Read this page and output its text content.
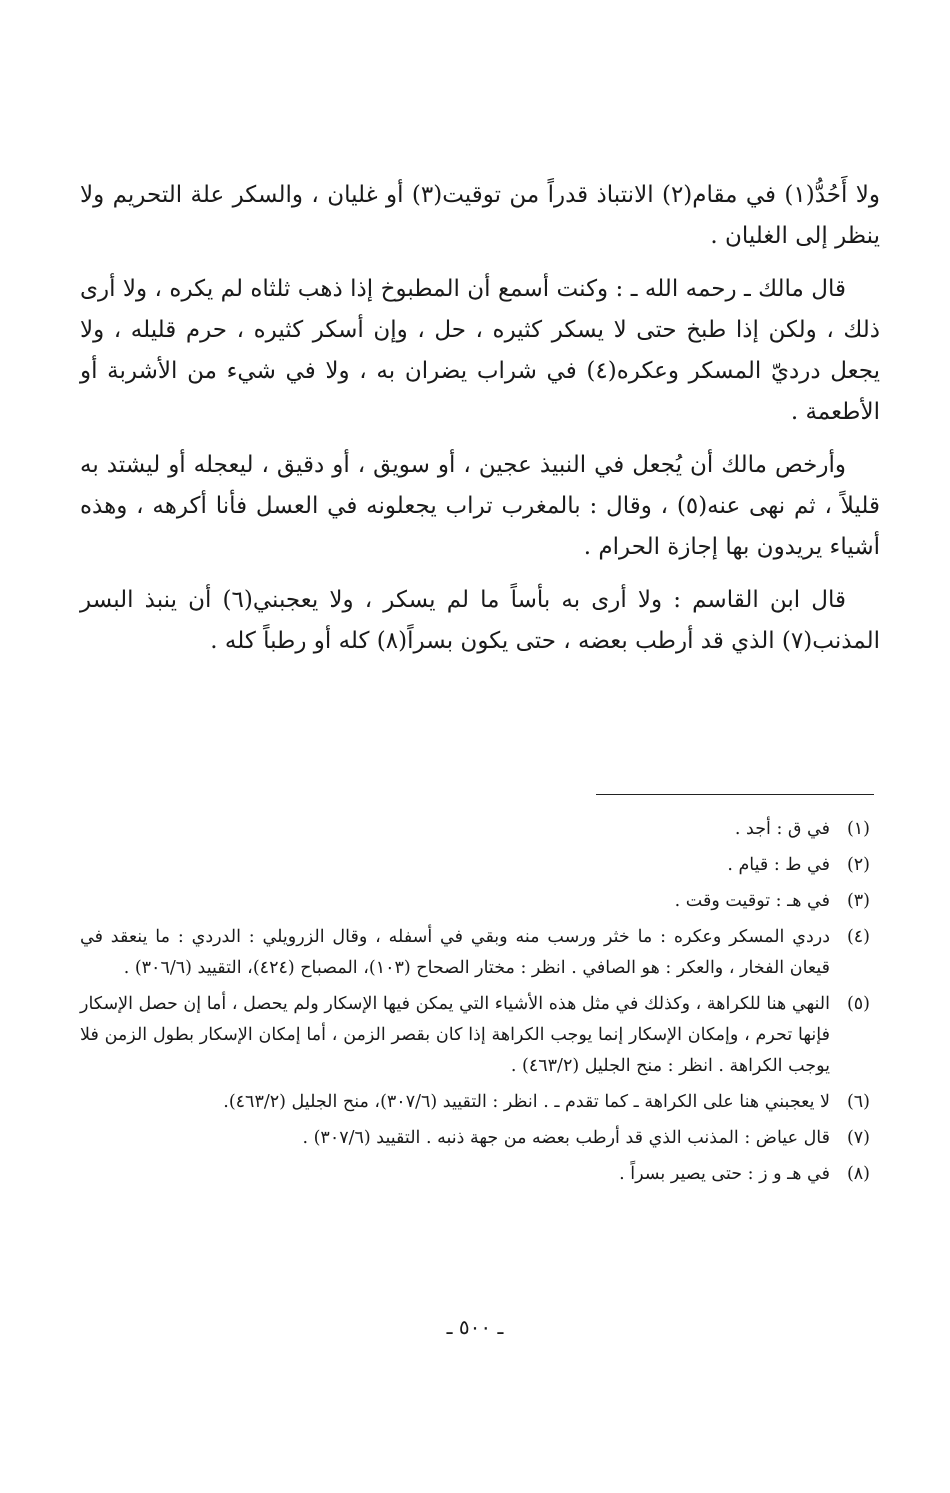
ولا أَحُدُّ(١) في مقام(٢) الانتباذ قدراً من توقيت(٣) أو غليان ، والسكر علة التحريم ولا ينظر إلى الغليان .

قال مالك ـ رحمه الله ـ : وكنت أسمع أن المطبوخ إذا ذهب ثلثاه لم يكره ، ولا أرى ذلك ، ولكن إذا طبخ حتى لا يسكر كثيره ، حل ، وإن أسكر كثيره ، حرم قليله ، ولا يجعل درديّ المسكر وعكره(٤) في شراب يضران به ، ولا في شيء من الأشربة أو الأطعمة .

وأرخص مالك أن يُجعل في النبيذ عجين ، أو سويق ، أو دقيق ، ليعجله أو ليشتد به قليلاً ، ثم نهى عنه(٥) ، وقال : بالمغرب تراب يجعلونه في العسل فأنا أكرهه ، وهذه أشياء يريدون بها إجازة الحرام .

قال ابن القاسم : ولا أرى به بأساً ما لم يسكر ، ولا يعجبني(٦) أن ينبذ البسر المذنب(٧) الذي قد أرطب بعضه ، حتى يكون بسراً(٨) كله أو رطباً كله .

(١)
في ق : أجد .
(٢)
في ط : قيام .
(٣)
في هـ : توقيت وقت .
(٤)
دردي المسكر وعكره : ما خثر ورسب منه وبقي في أسفله ، وقال الزرويلي : الدردي : ما ينعقد في قيعان الفخار ، والعكر : هو الصافي . انظر : مختار الصحاح (١٠٣)، المصباح (٤٢٤)، التقييد (٣٠٦/٦) .
(٥)
النهي هنا للكراهة ، وكذلك في مثل هذه الأشياء التي يمكن فيها الإسكار ولم يحصل ، أما إن حصل الإسكار فإنها تحرم ، وإمكان الإسكار إنما يوجب الكراهة إذا كان بقصر الزمن ، أما إمكان الإسكار بطول الزمن فلا يوجب الكراهة . انظر : منح الجليل (٤٦٣/٢) .
(٦)
لا يعجبني هنا على الكراهة ـ كما تقدم ـ . انظر : التقييد (٣٠٧/٦)، منح الجليل (٤٦٣/٢).
(٧)
قال عياض : المذنب الذي قد أرطب بعضه من جهة ذنبه . التقييد (٣٠٧/٦) .
(٨)
في هـ و ز : حتى يصير بسراً .
ـ ٥٠٠ ـ
